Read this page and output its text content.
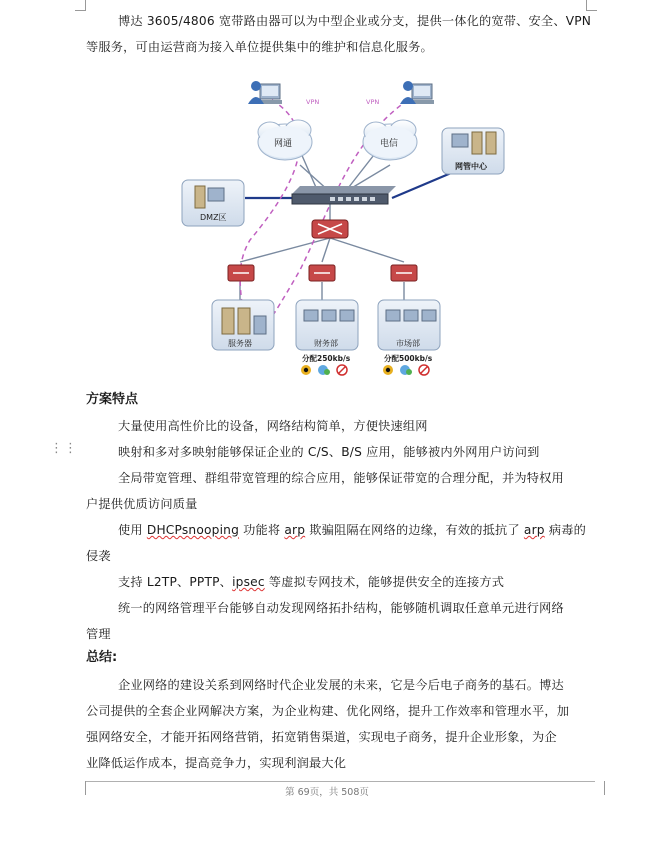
博达 3605/4806 宽带路由器可以为中型企业或分支，提供一体化的宽带、安全、VPN
等服务，可由运营商为接入单位提供集中的维护和信息化服务。
VPN	VPN
网通	电信
网管中心
DMZ区
服务器	财务部	市场部
分配250kb/s	分配500kb/s
方案特点
大量使用高性价比的设备，网络结构简单，方便快速组网
⋮⋮	映射和多对多映射能够保证企业的 C/S、B/S 应用，能够被内外网用户访问到
全局带宽管理、群组带宽管理的综合应用，能够保证带宽的合理分配，并为特权用
户提供优质访问质量
使用 DHCPsnooping 功能将 arp 欺骗阻隔在网络的边缘，有效的抵抗了 arp 病毒的
侵袭
支持 L2TP、PPTP、ipsec 等虚拟专网技术，能够提供安全的连接方式
统一的网络管理平台能够自动发现网络拓扑结构，能够随机调取任意单元进行网络
管理
总结:
企业网络的建设关系到网络时代企业发展的未来，它是今后电子商务的基石。博达
公司提供的全套企业网解决方案，为企业构建、优化网络，提升工作效率和管理水平，加
强网络安全，才能开拓网络营销，拓宽销售渠道，实现电子商务，提升企业形象，为企
业降低运作成本，提高竞争力，实现利润最大化
第 69页，共 508页
